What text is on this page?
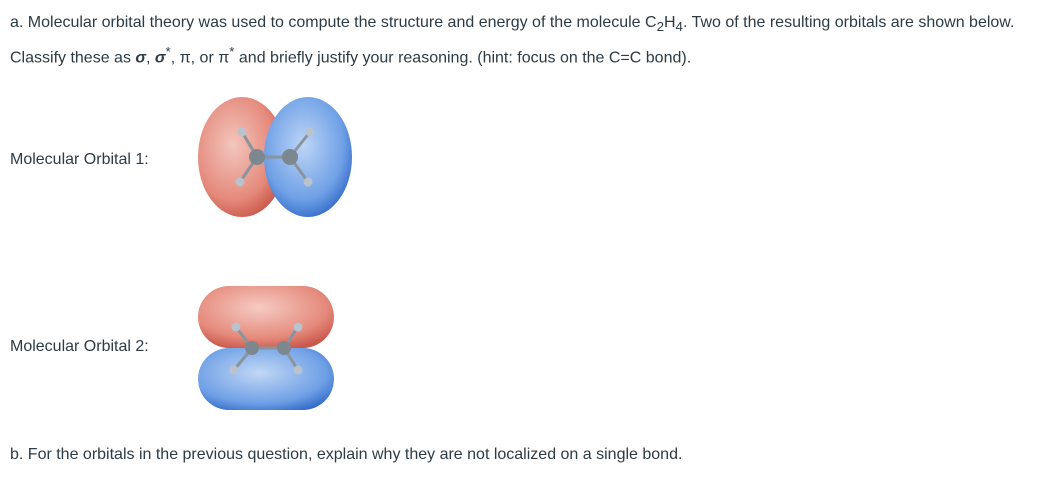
a. Molecular orbital theory was used to compute the structure and energy of the molecule $C_2H_4$. Two of the resulting orbitals are shown below. Classify these as σ, σ*, π, or π* and briefly justify your reasoning. (hint: focus on the C=C bond).
Molecular Orbital 1:
Molecular Orbital 2:
b. For the orbitals in the previous question, explain why they are not localized on a single bond.
